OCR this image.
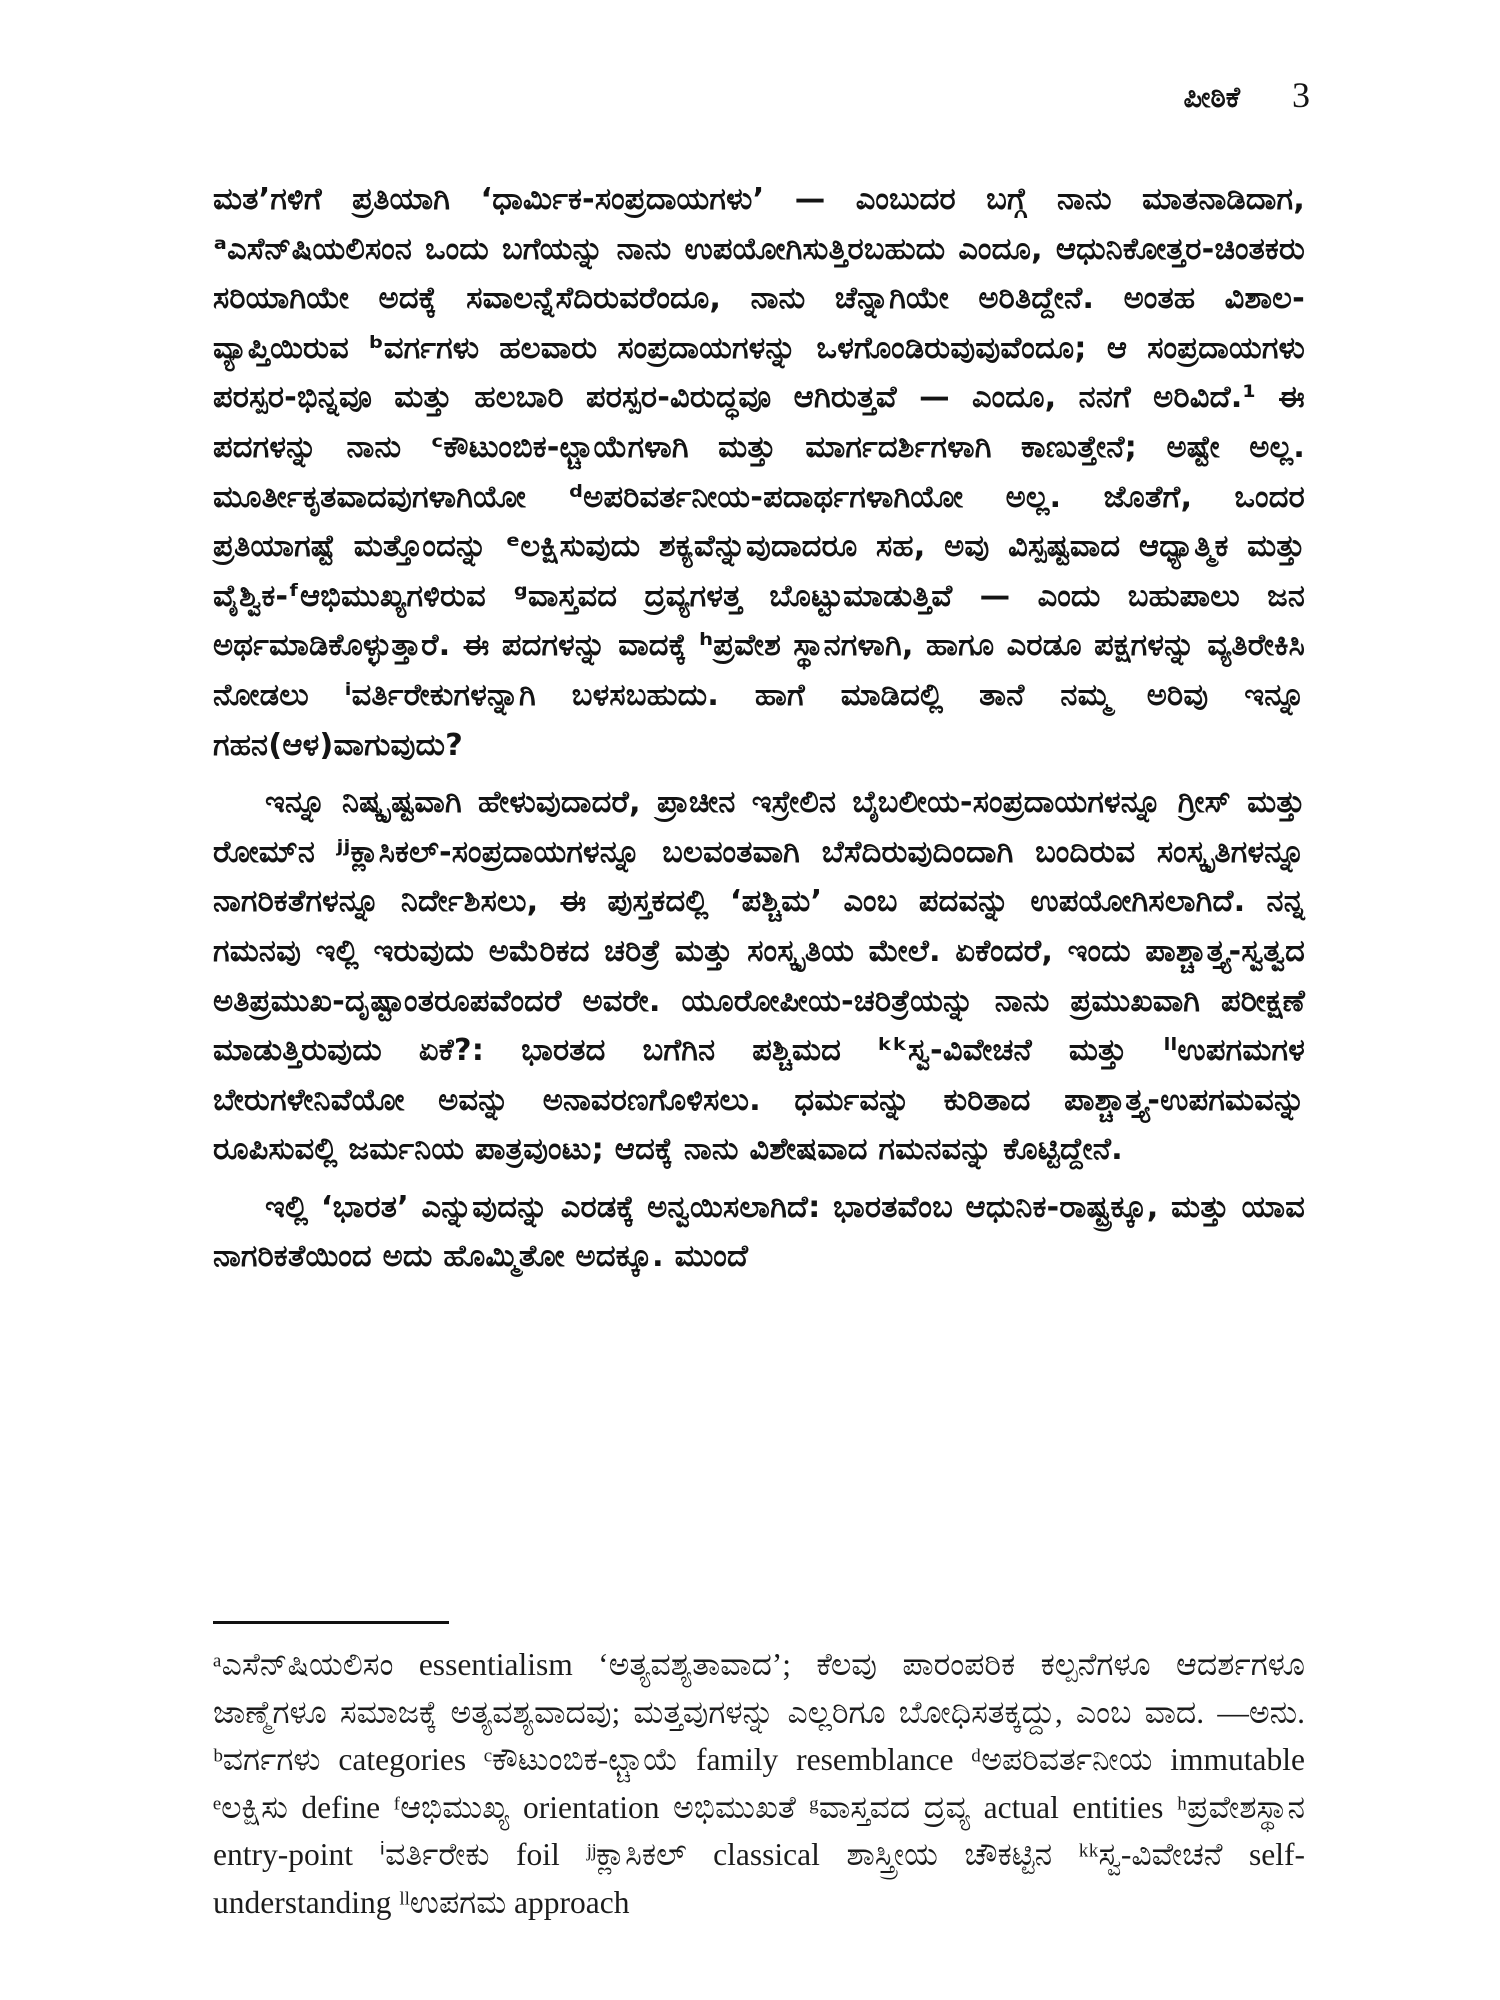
ಪೀಠಿಕೆ 3

ಮತ’ಗಳಿಗೆ ಪ್ರತಿಯಾಗಿ ‘ಧಾರ್ಮಿಕ-ಸಂಪ್ರದಾಯಗಳು’ — ಎಂಬುದರ ಬಗ್ಗೆ ನಾನು ಮಾತನಾಡಿದಾಗ, ᵃಎಸೆನ್‌ಷಿಯಲಿಸಂನ ಒಂದು ಬಗೆಯನ್ನು ನಾನು ಉಪಯೋಗಿಸುತ್ತಿರಬಹುದು ಎಂದೂ, ಆಧುನಿಕೋತ್ತರ-ಚಿಂತಕರು ಸರಿಯಾಗಿಯೇ ಅದಕ್ಕೆ ಸವಾಲನ್ನೆಸೆದಿರುವರೆಂದೂ, ನಾನು ಚೆನ್ನಾಗಿಯೇ ಅರಿತಿದ್ದೇನೆ. ಅಂತಹ ವಿಶಾಲ-ವ್ಯಾಪ್ತಿಯಿರುವ ᵇವರ್ಗಗಳು ಹಲವಾರು ಸಂಪ್ರದಾಯಗಳನ್ನು ಒಳಗೊಂಡಿರುವುವುವೆಂದೂ; ಆ ಸಂಪ್ರದಾಯಗಳು ಪರಸ್ಪರ-ಭಿನ್ನವೂ ಮತ್ತು ಹಲಬಾರಿ ಪರಸ್ಪರ-ವಿರುದ್ಧವೂ ಆಗಿರುತ್ತವೆ — ಎಂದೂ, ನನಗೆ ಅರಿವಿದೆ.¹ ಈ ಪದಗಳನ್ನು ನಾನು ᶜಕೌಟುಂಬಿಕ-ಛ್ಚಾಯೆಗಳಾಗಿ ಮತ್ತು ಮಾರ್ಗದರ್ಶಿಗಳಾಗಿ ಕಾಣುತ್ತೇನೆ; ಅಷ್ಟೇ ಅಲ್ಲ. ಮೂರ್ತೀಕೃತವಾದವುಗಳಾಗಿಯೋ ᵈಅಪರಿವರ್ತನೀಯ-ಪದಾರ್ಥಗಳಾಗಿಯೋ ಅಲ್ಲ. ಜೊತೆಗೆ, ಒಂದರ ಪ್ರತಿಯಾಗಷ್ಟೆ ಮತ್ತೊಂದನ್ನು ᵉಲಕ್ಷಿಸುವುದು ಶಕ್ಯವೆನ್ನುವುದಾದರೂ ಸಹ, ಅವು ವಿಸ್ಪಷ್ಟವಾದ ಆಧ್ಯಾತ್ಮಿಕ ಮತ್ತು ವೈಶ್ವಿಕ-ᶠಆಭಿಮುಖ್ಯಗಳಿರುವ ᵍವಾಸ್ತವದ ದ್ರವ್ಯಗಳತ್ತ ಬೊಟ್ಟುಮಾಡುತ್ತಿವೆ — ಎಂದು ಬಹುಪಾಲು ಜನ ಅರ್ಥಮಾಡಿಕೊಳ್ಳುತ್ತಾರೆ. ಈ ಪದಗಳನ್ನು ವಾದಕ್ಕೆ ʰಪ್ರವೇಶ ಸ್ಥಾನಗಳಾಗಿ, ಹಾಗೂ ಎರಡೂ ಪಕ್ಷಗಳನ್ನು ವ್ಯತಿರೇಕಿಸಿ ನೋಡಲು ⁱವರ್ತಿರೇಕುಗಳನ್ನಾಗಿ ಬಳಸಬಹುದು. ಹಾಗೆ ಮಾಡಿದಲ್ಲಿ ತಾನೆ ನಮ್ಮ ಅರಿವು ಇನ್ನೂ ಗಹನ(ಆಳ)ವಾಗುವುದು?

ಇನ್ನೂ ನಿಷ್ಕೃಷ್ಟವಾಗಿ ಹೇಳುವುದಾದರೆ, ಪ್ರಾಚೀನ ಇಸ್ರೇಲಿನ ಬೈಬಲೀಯ-ಸಂಪ್ರದಾಯಗಳನ್ನೂ ಗ್ರೀಸ್ ಮತ್ತು ರೋಮ್‌ನ ʲʲಕ್ಲಾಸಿಕಲ್-ಸಂಪ್ರದಾಯಗಳನ್ನೂ ಬಲವಂತವಾಗಿ ಬೆಸೆದಿರುವುದಿಂದಾಗಿ ಬಂದಿರುವ ಸಂಸ್ಕೃತಿಗಳನ್ನೂ ನಾಗರಿಕತೆಗಳನ್ನೂ ನಿರ್ದೇಶಿಸಲು, ಈ ಪುಸ್ತಕದಲ್ಲಿ ‘ಪಶ್ಚಿಮ’ ಎಂಬ ಪದವನ್ನು ಉಪಯೋಗಿಸಲಾಗಿದೆ. ನನ್ನ ಗಮನವು ಇಲ್ಲಿ ಇರುವುದು ಅಮೆರಿಕದ ಚರಿತ್ರೆ ಮತ್ತು ಸಂಸ್ಕೃತಿಯ ಮೇಲೆ. ಏಕೆಂದರೆ, ಇಂದು ಪಾಶ್ಚಾತ್ತ್ಯ-ಸ್ವತ್ವದ ಅತಿಪ್ರಮುಖ-ದೃಷ್ಟಾಂತರೂಪವೆಂದರೆ ಅವರೇ. ಯೂರೋಪೀಯ-ಚರಿತ್ರೆಯನ್ನು ನಾನು ಪ್ರಮುಖವಾಗಿ ಪರೀಕ್ಷಣೆ ಮಾಡುತ್ತಿರುವುದು ಏಕೆ?: ಭಾರತದ ಬಗೆಗಿನ ಪಶ್ಚಿಮದ ᵏᵏಸ್ವ-ವಿವೇಚನೆ ಮತ್ತು ˡˡಉಪಗಮಗಳ ಬೇರುಗಳೇನಿವೆಯೋ ಅವನ್ನು ಅನಾವರಣಗೊಳಿಸಲು. ಧರ್ಮವನ್ನು ಕುರಿತಾದ ಪಾಶ್ಚಾತ್ತ್ಯ-ಉಪಗಮವನ್ನು ರೂಪಿಸುವಲ್ಲಿ ಜರ್ಮನಿಯ ಪಾತ್ರವುಂಟು; ಆದಕ್ಕೆ ನಾನು ವಿಶೇಷವಾದ ಗಮನವನ್ನು ಕೊಟ್ಟಿದ್ದೇನೆ.

ಇಲ್ಲಿ ‘ಭಾರತ’ ಎನ್ನುವುದನ್ನು ಎರಡಕ್ಕೆ ಅನ್ವಯಿಸಲಾಗಿದೆ: ಭಾರತವೆಂಬ ಆಧುನಿಕ-ರಾಷ್ಟ್ರಕ್ಕೂ, ಮತ್ತು ಯಾವ ನಾಗರಿಕತೆಯಿಂದ ಅದು ಹೊಮ್ಮಿತೋ ಅದಕ್ಕೂ. ಮುಂದೆ

ᵃಎಸೆನ್‌ಷಿಯಲಿಸಂ essentialism ‘ಅತ್ಯವಶ್ಯತಾವಾದ’; ಕೆಲವು ಪಾರಂಪರಿಕ ಕಲ್ಪನೆಗಳೂ ಆದರ್ಶಗಳೂ ಜಾಣ್ಮೆಗಳೂ ಸಮಾಜಕ್ಕೆ ಅತ್ಯವಶ್ಯವಾದವು; ಮತ್ತವುಗಳನ್ನು ಎಲ್ಲರಿಗೂ ಬೋಧಿಸತಕ್ಕದ್ದು, ಎಂಬ ವಾದ. —ಅನು. ᵇವರ್ಗಗಳು categories ᶜಕೌಟುಂಬಿಕ-ಛ್ಚಾಯೆ family resemblance ᵈಅಪರಿವರ್ತನೀಯ immutable ᵉಲಕ್ಷಿಸು define ᶠಆಭಿಮುಖ್ಯ orientation ಅಭಿಮುಖತೆ ᵍವಾಸ್ತವದ ದ್ರವ್ಯ actual entities ʰಪ್ರವೇಶಸ್ಥಾನ entry-point ⁱವರ್ತಿರೇಕು foil ʲʲಕ್ಲಾಸಿಕಲ್ classical ಶಾಸ್ತ್ರೀಯ ಚೌಕಟ್ಟಿನ ᵏᵏಸ್ವ-ವಿವೇಚನೆ self-understanding ˡˡಉಪಗಮ approach
